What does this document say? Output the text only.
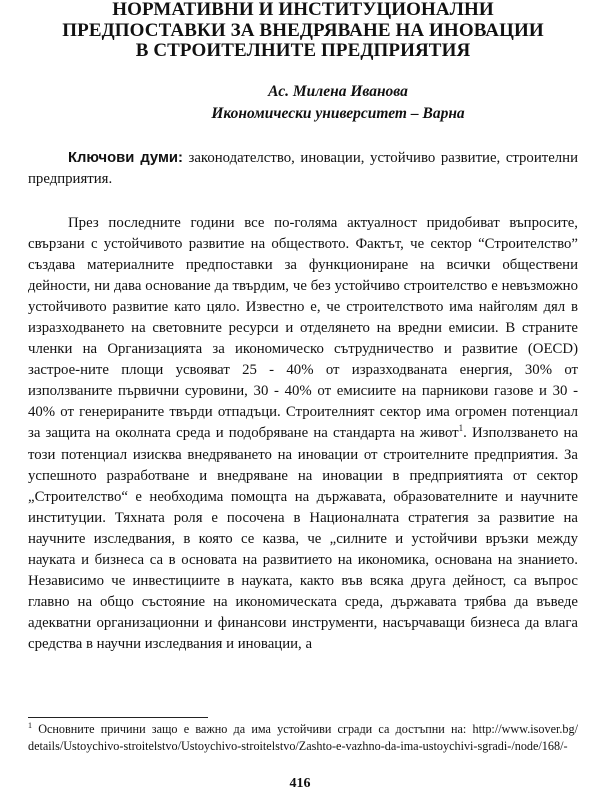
НОРМАТИВНИ И ИНСТИТУЦИОНАЛНИ
ПРЕДПОСТАВКИ ЗА ВНЕДРЯВАНЕ НА ИНОВАЦИИ
В СТРОИТЕЛНИТЕ ПРЕДПРИЯТИЯ
Ас. Милена Иванова
Икономически университет – Варна

Ключови думи: законодателство, иновации, устойчиво развитие, строителни предприятия.

През последните години все по-голяма актуалност придобиват въпросите, свързани с устойчивото развитие на обществото. Фактът, че сектор “Строителство” създава материалните предпоставки за функциониране на всички обществени дейности, ни дава основание да твърдим, че без устойчиво строителство е невъзможно устойчивото развитие като цяло. Известно е, че строителството има найголям дял в изразходването на световните ресурси и отделянето на вредни емисии. В страните членки на Организацията за икономическо сътрудничество и развитие (OECD) застрое-ните площи усвояват 25 - 40% от изразходваната енергия, 30% от използваните първични суровини, 30 - 40% от емисиите на парникови газове и 30 - 40% от генерираните твърди отпадъци. Строителният сектор има огромен потенциал за защита на околната среда и подобряване на стандарта на живот$^1$. Използването на този потенциал изисква внедряването на иновации от строителните предприятия. За успешното разработване и внедряване на иновации в предприятията от сектор „Строителство“ е необходима помощта на държавата, образователните и научните институции. Тяхната роля е посочена в Националната стратегия за развитие на научните изследвания, в която се казва, че „силните и устойчиви връзки между науката и бизнеса са в основата на развитието на икономика, основана на знанието. Независимо че инвестициите в науката, както във всяка друга дейност, са въпрос главно на общо състояние на икономическата среда, държавата трябва да въведе адекватни организационни и финансови инструменти, насърчаващи бизнеса да влага средства в научни изследвания и иновации, а

$^1$ Основните причини защо е важно да има устойчиви сгради са достъпни на: http://www.isover.bg/ details/Ustoychivo-stroitelstvo/Ustoychivo-stroitelstvo/Zashto-e-vazhno-da-ima-ustoychivi-sgradi-/node/168/-
416
